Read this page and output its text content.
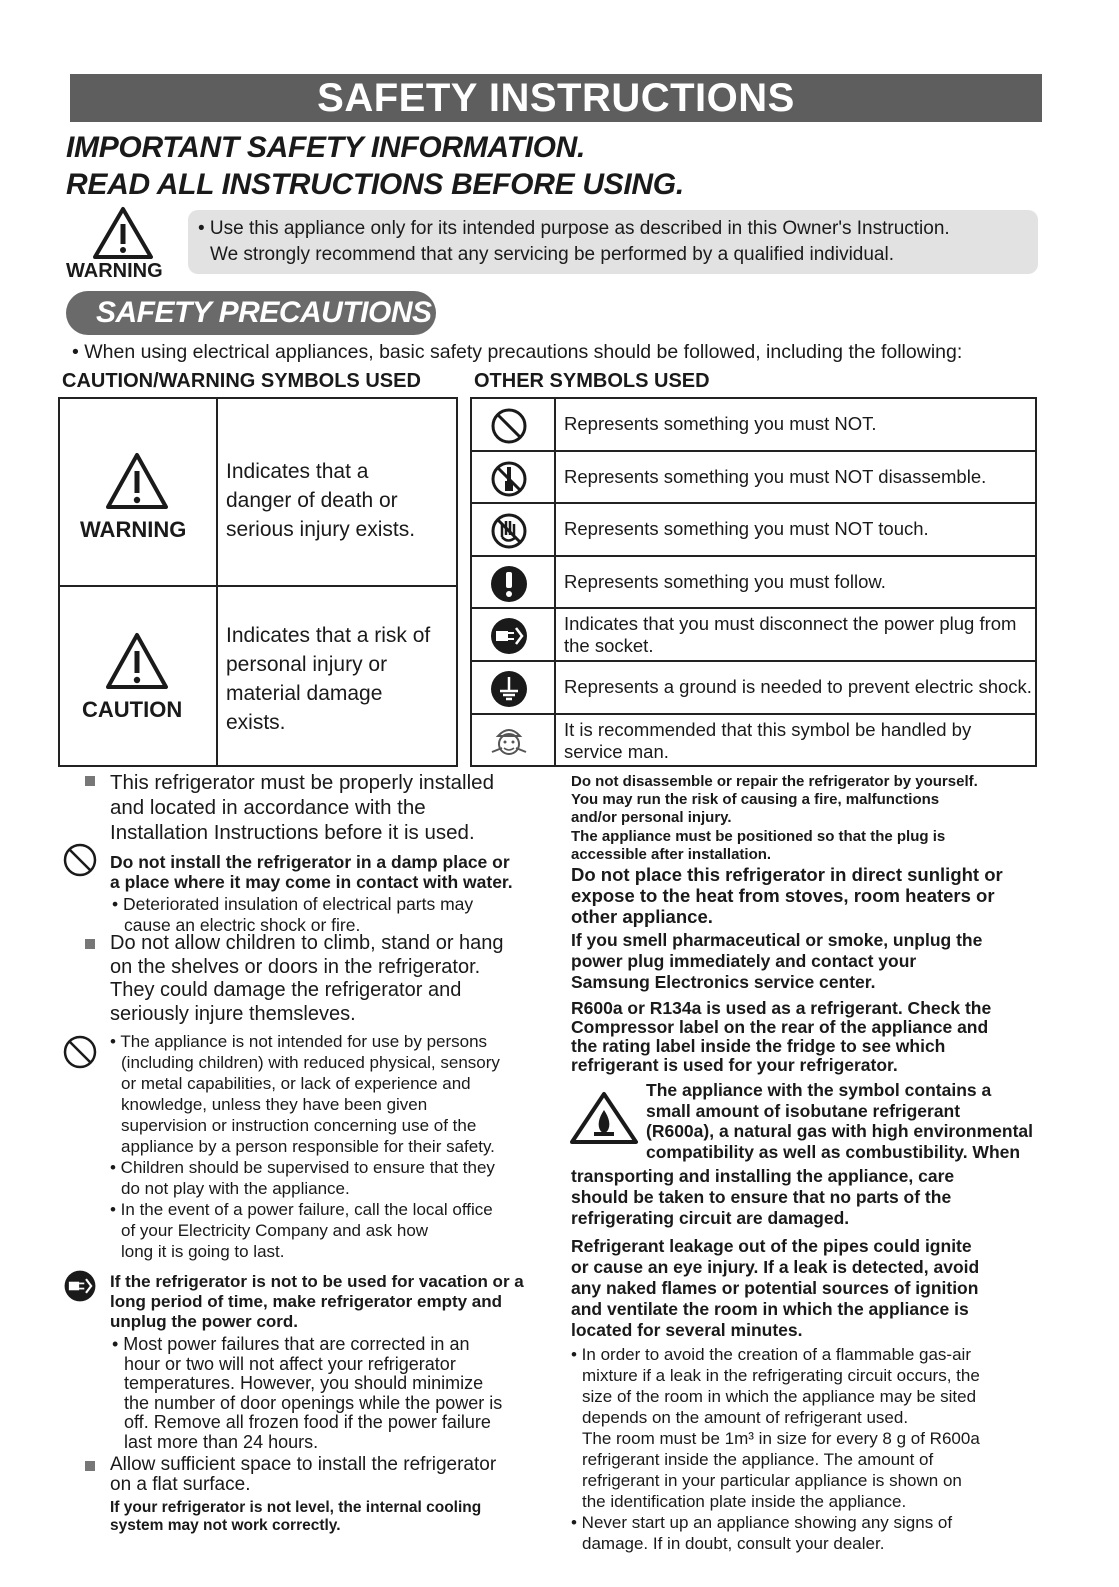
SAFETY INSTRUCTIONS
IMPORTANT SAFETY INFORMATION.
READ ALL INSTRUCTIONS BEFORE USING.
WARNING
• Use this appliance only for its intended purpose as described in this Owner's Instruction.
We strongly recommend that any servicing be performed by a qualified individual.
SAFETY PRECAUTIONS
• When using electrical appliances, basic safety precautions should be followed, including the following:
CAUTION/WARNING SYMBOLS USED	OTHER SYMBOLS USED
WARNING
Indicates that a
danger of death or
serious injury exists.
CAUTION
Indicates that a risk of
personal injury or
material damage
exists.
Represents something you must NOT.
Represents something you must NOT disassemble.
Represents something you must NOT touch.
Represents something you must follow.
Indicates that you must disconnect the power plug from the socket.
Represents a ground is needed to prevent electric shock.
It is recommended that this symbol be handled by service man.
This refrigerator must be properly installed
and located in accordance with the
Installation Instructions before it is used.
Do not install the refrigerator in a damp place or
a place where it may come in contact with water.
• Deteriorated insulation of electrical parts may
cause an electric shock or fire.
Do not allow children to climb, stand or hang
on the shelves or doors in the refrigerator.
They could damage the refrigerator and
seriously injure themsleves.
• The appliance is not intended for use by persons
(including children) with reduced physical, sensory
or metal capabilities, or lack of experience and
knowledge, unless they have been given
supervision or instruction concerning use of the
appliance by a person responsible for their safety.
• Children should be supervised to ensure that they
do not play with the appliance.
• In the event of a power failure, call the local office
of your Electricity Company and ask how
long it is going to last.
If the refrigerator is not to be used for vacation or a
long period of time, make refrigerator empty and
unplug the power cord.
• Most power failures that are corrected in an
hour or two will not affect your refrigerator
temperatures. However, you should minimize
the number of door openings while the power is
off. Remove all frozen food if the power failure
last more than 24 hours.
Allow sufficient space to install the refrigerator
on a flat surface.
If your refrigerator is not level, the internal cooling
system may not work correctly.
Do not disassemble or repair the refrigerator by yourself.
You may run the risk of causing a fire, malfunctions
and/or personal injury.
The appliance must be positioned so that the plug is
accessible after installation.
Do not place this refrigerator in direct sunlight or
expose to the heat from stoves, room heaters or
other appliance.
If you smell pharmaceutical or smoke, unplug the
power plug immediately and contact your
Samsung Electronics service center.
R600a or R134a is used as a refrigerant. Check the
Compressor label on the rear of the appliance and
the rating label inside the fridge to see which
refrigerant is used for your refrigerator.
The appliance with the symbol contains a
small amount of isobutane refrigerant
(R600a), a natural gas with high environmental
compatibility as well as combustibility. When
transporting and installing the appliance, care
should be taken to ensure that no parts of the
refrigerating circuit are damaged.
Refrigerant leakage out of the pipes could ignite
or cause an eye injury. If a leak is detected, avoid
any naked flames or potential sources of ignition
and ventilate the room in which the appliance is
located for several minutes.
• In order to avoid the creation of a flammable gas-air
mixture if a leak in the refrigerating circuit occurs, the
size of the room in which the appliance may be sited
depends on the amount of refrigerant used.
The room must be 1m³ in size for every 8 g of R600a
refrigerant inside the appliance. The amount of
refrigerant in your particular appliance is shown on
the identification plate inside the appliance.
• Never start up an appliance showing any signs of
damage. If in doubt, consult your dealer.
